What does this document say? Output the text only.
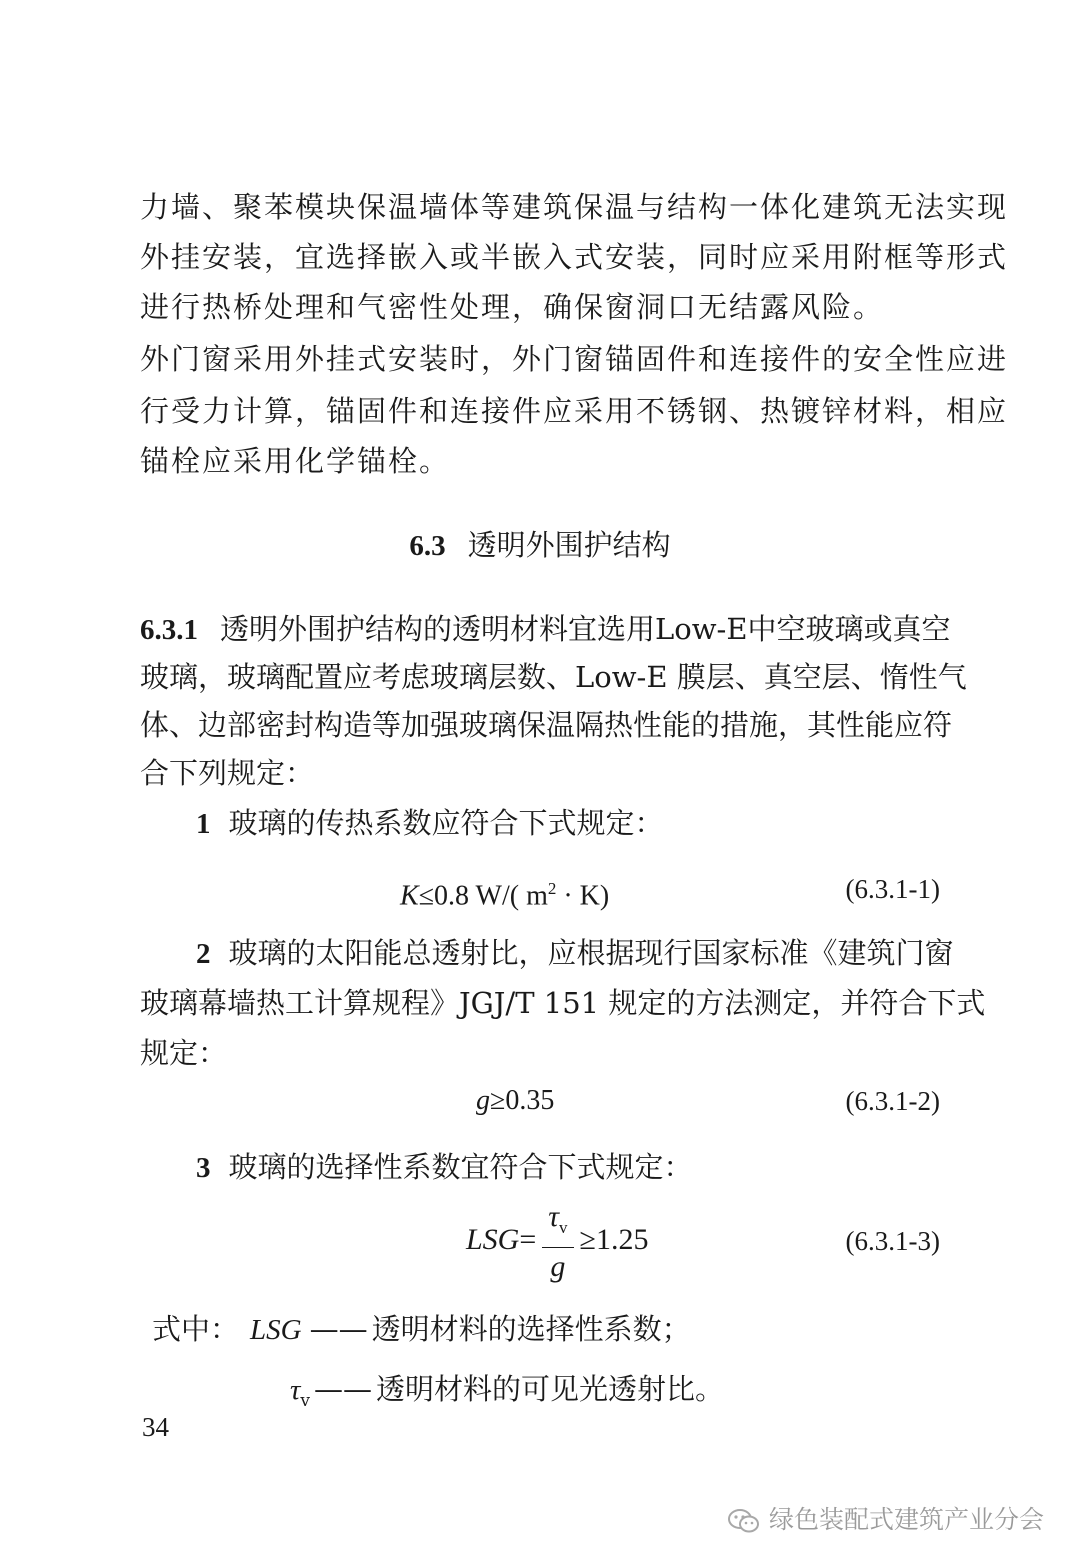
力墙、聚苯模块保温墙体等建筑保温与结构一体化建筑无法实现
外挂安装，宜选择嵌入或半嵌入式安装，同时应采用附框等形式
进行热桥处理和气密性处理，确保窗洞口无结露风险。
外门窗采用外挂式安装时，外门窗锚固件和连接件的安全性应进
行受力计算，锚固件和连接件应采用不锈钢、热镀锌材料，相应
锚栓应采用化学锚栓。
6.3 透明外围护结构
6.3.1 透明外围护结构的透明材料宜选用Low-E中空玻璃或真空
玻璃，玻璃配置应考虑玻璃层数、Low-E 膜层、真空层、惰性气
体、边部密封构造等加强玻璃保温隔热性能的措施，其性能应符
合下列规定：
1 玻璃的传热系数应符合下式规定：
K≤0.8 W/( $m^2 \cdot K$)	(6.3.1-1)
2 玻璃的太阳能总透射比，应根据现行国家标准《建筑门窗
玻璃幕墙热工计算规程》JGJ/T 151 规定的方法测定，并符合下式
规定：
g≥0.35	(6.3.1-2)
3 玻璃的选择性系数宜符合下式规定：
$LSG= \frac{\tau_v}{g} \ge 1.25$	(6.3.1-3)
式中： LSG —— 透明材料的选择性系数；
$\tau_v$ —— 透明材料的可见光透射比。
34
绿色装配式建筑产业分会
